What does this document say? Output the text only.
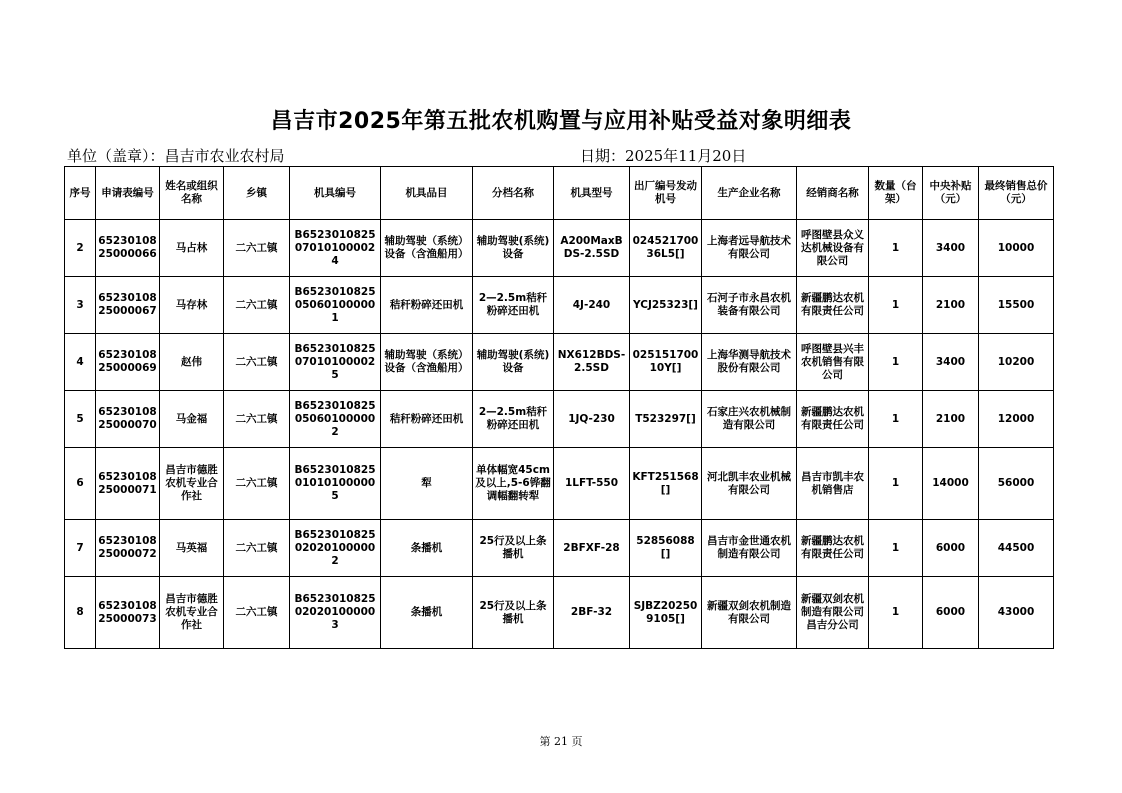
昌吉市2025年第五批农机购置与应用补贴受益对象明细表
单位（盖章）：昌吉市农业农村局	日期：2025年11月20日
序号	申请表编号	姓名或组织名称	乡镇	机具编号	机具品目	分档名称	机具型号	出厂编号发动机号	生产企业名称	经销商名称	数量（台架）	中央补贴（元）	最终销售总价（元）
2	6523010825000066	马占林	二六工镇	B6523010825070101000024	辅助驾驶（系统）设备（含渔船用）	辅助驾驶(系统)设备	A200MaxBDS-2.5SD	02452170036L5[]	上海者远导航技术有限公司	呼图壁县众义达机械设备有限公司	1	3400	10000
3	6523010825000067	马存林	二六工镇	B6523010825050601000001	秸秆粉碎还田机	2—2.5m秸秆粉碎还田机	4J-240	YCJ25323[]	石河子市永昌农机装备有限公司	新疆鹏达农机有限责任公司	1	2100	15500
4	6523010825000069	赵伟	二六工镇	B6523010825070101000025	辅助驾驶（系统）设备（含渔船用）	辅助驾驶(系统)设备	NX612BDS-2.5SD	02515170010Y[]	上海华测导航技术股份有限公司	呼图壁县兴丰农机销售有限公司	1	3400	10200
5	6523010825000070	马金福	二六工镇	B6523010825050601000002	秸秆粉碎还田机	2—2.5m秸秆粉碎还田机	1JQ-230	T523297[]	石家庄兴农机械制造有限公司	新疆鹏达农机有限责任公司	1	2100	12000
6	6523010825000071	昌吉市德胜农机专业合作社	二六工镇	B6523010825010101000005	犁	单体幅宽45cm及以上,5-6铧翻调幅翻转犁	1LFT-550	KFT251568[]	河北凯丰农业机械有限公司	昌吉市凯丰农机销售店	1	14000	56000
7	6523010825000072	马英福	二六工镇	B6523010825020201000002	条播机	25行及以上条播机	2BFXF-28	52856088[]	昌吉市金世通农机制造有限公司	新疆鹏达农机有限责任公司	1	6000	44500
8	6523010825000073	昌吉市德胜农机专业合作社	二六工镇	B6523010825020201000003	条播机	25行及以上条播机	2BF-32	SJBZ202509105[]	新疆双剑农机制造有限公司	新疆双剑农机制造有限公司昌吉分公司	1	6000	43000
第 21 页
